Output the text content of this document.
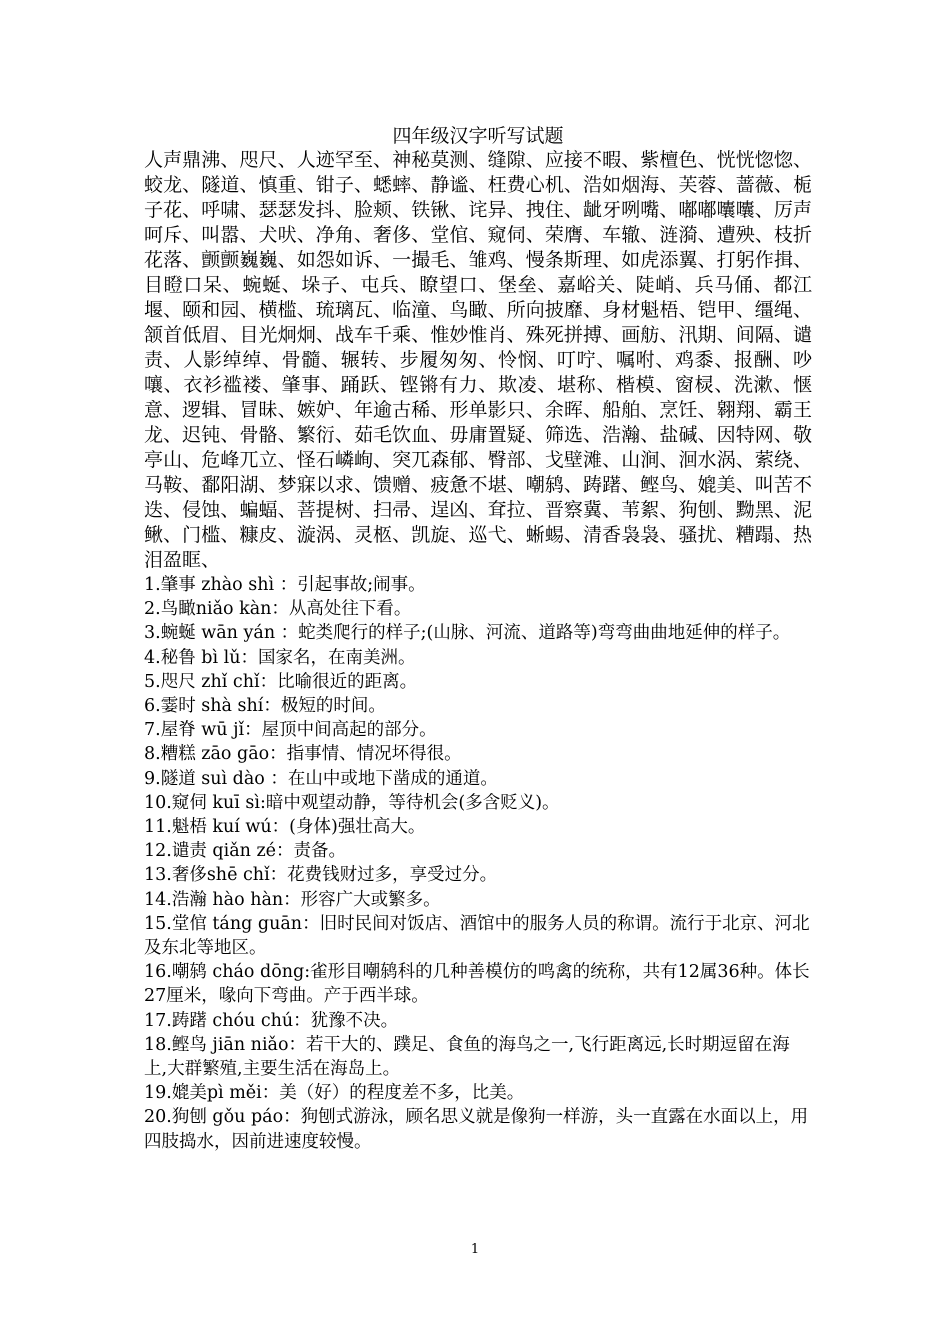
四年级汉字听写试题

人声鼎沸、咫尺、人迹罕至、神秘莫测、缝隙、应接不暇、紫檀色、恍恍惚惚、蛟龙、隧道、慎重、钳子、蟋蟀、静谧、枉费心机、浩如烟海、芙蓉、蔷薇、栀子花、呼啸、瑟瑟发抖、脸颊、铁锹、诧异、拽住、龇牙咧嘴、嘟嘟囔囔、厉声呵斥、叫嚣、犬吠、净角、奢侈、堂倌、窥伺、荣膺、车辙、涟漪、遭殃、枝折花落、颤颤巍巍、如怨如诉、一撮毛、雏鸡、慢条斯理、如虎添翼、打躬作揖、目瞪口呆、蜿蜒、垛子、屯兵、瞭望口、堡垒、嘉峪关、陡峭、兵马俑、都江堰、颐和园、横槛、琉璃瓦、临潼、鸟瞰、所向披靡、身材魁梧、铠甲、缰绳、颔首低眉、目光炯炯、战车千乘、惟妙惟肖、殊死拼搏、画舫、汛期、间隔、谴责、人影绰绰、骨髓、辗转、步履匆匆、怜悯、叮咛、嘱咐、鸡黍、报酬、吵嚷、衣衫褴褛、肇事、踊跃、铿锵有力、欺凌、堪称、楷模、窗棂、洗漱、惬意、逻辑、冒昧、嫉妒、年逾古稀、形单影只、余晖、船舶、烹饪、翱翔、霸王龙、迟钝、骨骼、繁衍、茹毛饮血、毋庸置疑、筛选、浩瀚、盐碱、因特网、敬亭山、危峰兀立、怪石嶙峋、突兀森郁、臀部、戈壁滩、山涧、洄水涡、萦绕、马鞍、鄱阳湖、梦寐以求、馈赠、疲惫不堪、嘲鸫、踌躇、鲣鸟、媲美、叫苦不迭、侵蚀、蝙蝠、菩提树、扫帚、逞凶、耷拉、晋察冀、苇絮、狗刨、黝黑、泥鳅、门槛、糠皮、漩涡、灵柩、凯旋、巡弋、蜥蜴、清香袅袅、骚扰、糟蹋、热泪盈眶、

1.肇事 zhào shì ：引起事故;闹事。
2.鸟瞰niǎo kàn：从高处往下看。
3.蜿蜒 wān yán ：蛇类爬行的样子;(山脉、河流、道路等)弯弯曲曲地延伸的样子。
4.秘鲁 bì lǔ：国家名，在南美洲。
5.咫尺 zhǐ chǐ：比喻很近的距离。
6.霎时 shà shí：极短的时间。
7.屋脊 wū jǐ：屋顶中间高起的部分。
8.糟糕 zāo gāo：指事情、情况坏得很。
9.隧道 suì dào ：在山中或地下凿成的通道。
10.窥伺 kuī sì:暗中观望动静，等待机会(多含贬义)。
11.魁梧 kuí wú：(身体)强壮高大。
12.谴责 qiǎn zé：责备。
13.奢侈shē chǐ：花费钱财过多，享受过分。
14.浩瀚 hào hàn：形容广大或繁多。
15.堂倌 táng guān：旧时民间对饭店、酒馆中的服务人员的称谓。流行于北京、河北及东北等地区。
16.嘲鸫 cháo dōng:雀形目嘲鸫科的几种善模仿的鸣禽的统称，共有12属36种。体长27厘米，喙向下弯曲。产于西半球。
17.踌躇 chóu chú：犹豫不决。
18.鲣鸟 jiān niǎo：若干大的、蹼足、食鱼的海鸟之一,飞行距离远,长时期逗留在海上,大群繁殖,主要生活在海岛上。
19.媲美pì měi：美（好）的程度差不多，比美。
20.狗刨 gǒu páo：狗刨式游泳，顾名思义就是像狗一样游，头一直露在水面以上，用四肢捣水，因前进速度较慢。
1
